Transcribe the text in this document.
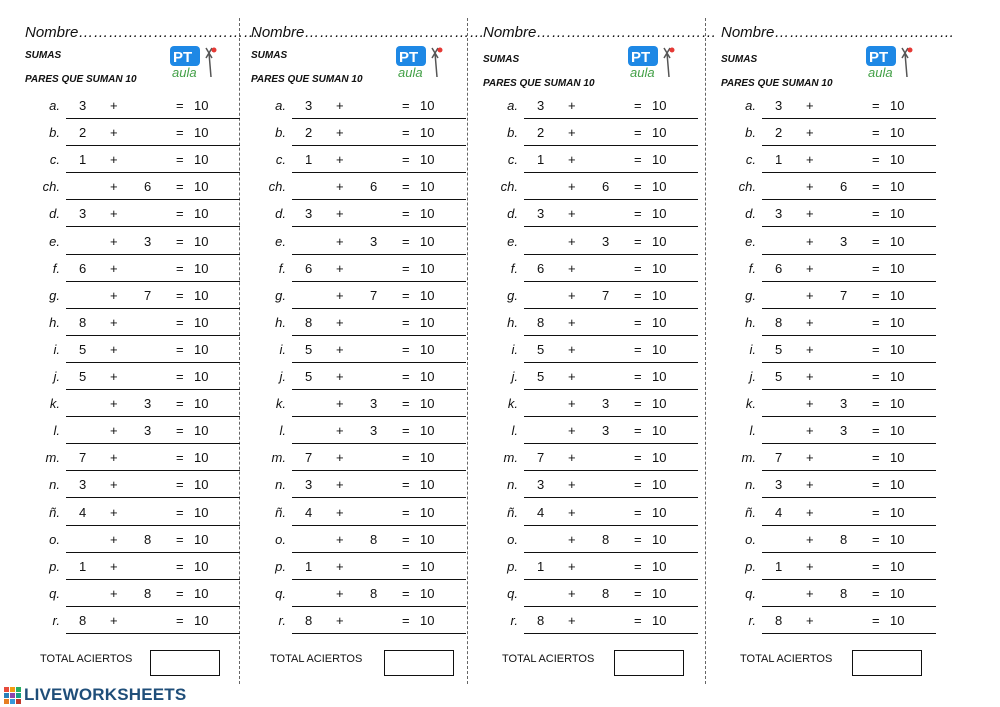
Nombre………………………………
SUMAS
PARES QUE SUMAN 10
PT
aula
a. 3 +	= 10
b. 2 +	= 10
c. 1 +	= 10
ch.	+ 6 = 10
d. 3 +	= 10
e.	+ 3 = 10
f. 6 +	= 10
g.	+ 7 = 10
h. 8 +	= 10
i. 5 +	= 10
j. 5 +	= 10
k.	+ 3 = 10
l.	+ 3 = 10
m. 7 +	= 10
n. 3 +	= 10
ñ. 4 +	= 10
o.	+ 8 = 10
p. 1 +	= 10
q.	+ 8 = 10
r. 8 +	= 10
TOTAL ACIERTOS
Nombre………………………………
SUMAS
PARES QUE SUMAN 10
PT
aula
a. 3 +	= 10
b. 2 +	= 10
c. 1 +	= 10
ch.	+ 6 = 10
d. 3 +	= 10
e.	+ 3 = 10
f. 6 +	= 10
g.	+ 7 = 10
h. 8 +	= 10
i. 5 +	= 10
j. 5 +	= 10
k.	+ 3 = 10
l.	+ 3 = 10
m. 7 +	= 10
n. 3 +	= 10
ñ. 4 +	= 10
o.	+ 8 = 10
p. 1 +	= 10
q.	+ 8 = 10
r. 8 +	= 10
TOTAL ACIERTOS
Nombre………………………………
SUMAS
PARES QUE SUMAN 10
PT
aula
a. 3 +	= 10
b. 2 +	= 10
c. 1 +	= 10
ch.	+ 6 = 10
d. 3 +	= 10
e.	+ 3 = 10
f. 6 +	= 10
g.	+ 7 = 10
h. 8 +	= 10
i. 5 +	= 10
j. 5 +	= 10
k.	+ 3 = 10
l.	+ 3 = 10
m. 7 +	= 10
n. 3 +	= 10
ñ. 4 +	= 10
o.	+ 8 = 10
p. 1 +	= 10
q.	+ 8 = 10
r. 8 +	= 10
TOTAL ACIERTOS
Nombre………………………………
SUMAS
PARES QUE SUMAN 10
PT
aula
a. 3 +	= 10
b. 2 +	= 10
c. 1 +	= 10
ch.	+ 6 = 10
d. 3 +	= 10
e.	+ 3 = 10
f. 6 +	= 10
g.	+ 7 = 10
h. 8 +	= 10
i. 5 +	= 10
j. 5 +	= 10
k.	+ 3 = 10
l.	+ 3 = 10
m. 7 +	= 10
n. 3 +	= 10
ñ. 4 +	= 10
o.	+ 8 = 10
p. 1 +	= 10
q.	+ 8 = 10
r. 8 +	= 10
TOTAL ACIERTOS
LIVEWORKSHEETS
